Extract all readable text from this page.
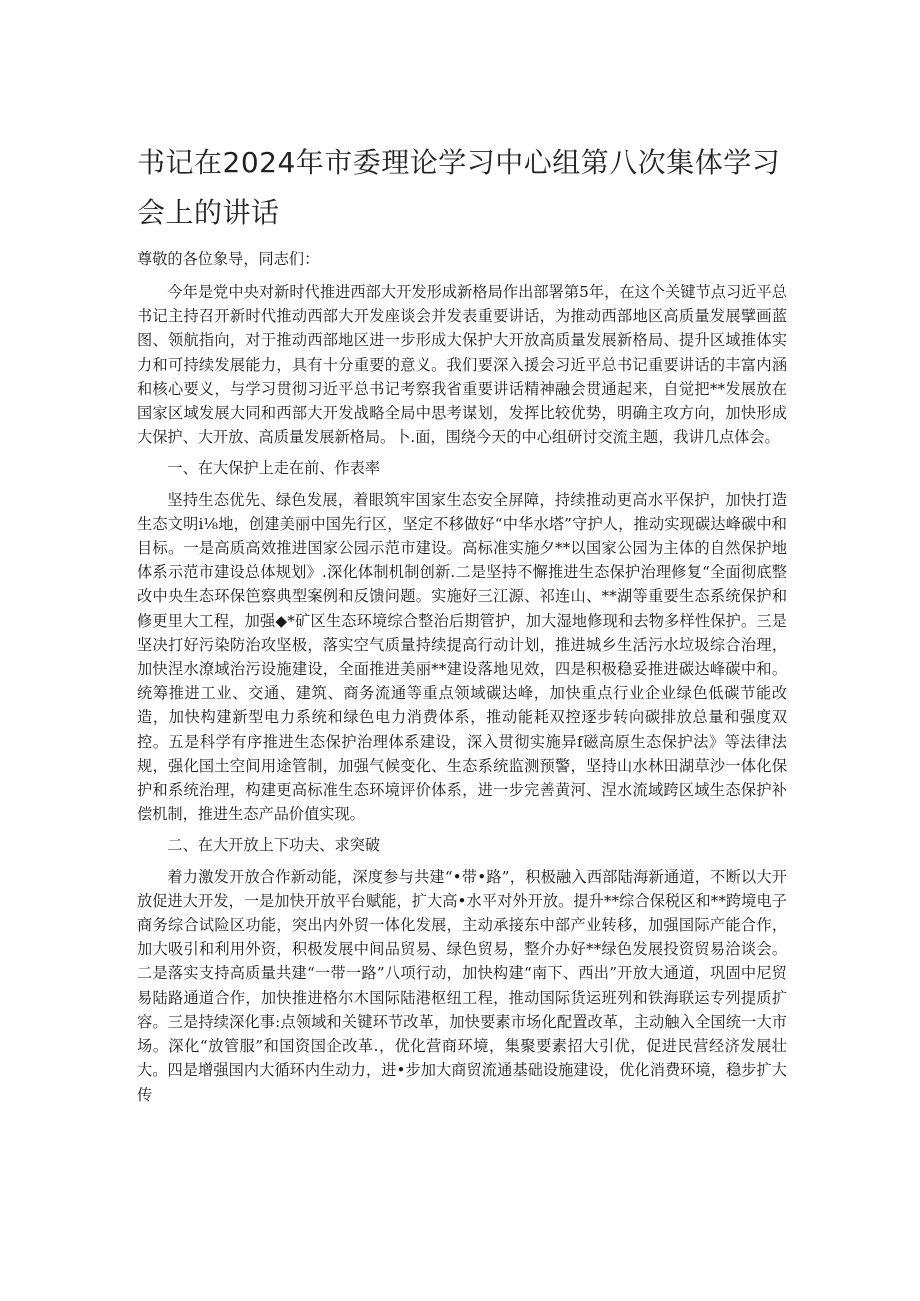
书记在2024年市委理论学习中心组第八次集体学习会上的讲话

尊敬的各位象导，同志们：

今年是党中央对新时代推进西部大开发形成新格局作出部署第5年，在这个关键节点习近平总书记主持召开新时代推动西部大开发座谈会并发表重要讲话，为推动西部地区高质量发展擘画蓝图、领航指向，对于推动西部地区进一步形成大保护大开放高质量发展新格局、提升区域推体实力和可持续发展能力，具有十分重要的意义。我们要深入援会习近平总书记重要讲话的丰富内涵和核心要义，与学习贯彻习近平总书记考察我省重要讲话精神融会贯通起来，自觉把**发展放在国家区域发展大同和西部大开发战略全局中思考谋划，发挥比较优势，明确主攻方向，加快形成大保护、大开放、高质量发展新格局。卜.面，围绕今天的中心组研讨交流主题，我讲几点体会。

一、在大保护上走在前、作表率

坚持生态优先、绿色发展，着眼筑牢国家生态安全屏障，持续推动更高水平保护，加快打造生态文明i⅛地，创建美丽中国先行区，坚定不移做好“中华水塔”守护人，推动实现碳达峰碳中和目标。一是高质高效推进国家公园示范市建设。高标准实施夕**以国家公园为主体的自然保护地体系示范市建设总体规划》.深化体制机制创新.二是坚持不懈推进生态保护治理修复“全面彻底整改中央生态环保笆察典型案例和反馈问题。实施好三江源、祁连山、**湖等重要生态系统保护和修更里大工程，加强◆*矿区生态环境综合整治后期管护，加大湿地修现和去物多样性保护。三是坚决打好污染防治攻坚极，落实空气质量持续提高行动计划，推进城乡生活污水垃圾综合治理，加快涅水潦域治污设施建设，全面推进美丽**建设落地见效，四是积极稳妥推进碳达峰碳中和。统筹推进工业、交通、建筑、商务流通等重点领域碳达峰，加快重点行业企业绿色低碳节能改造，加快构建新型电力系统和绿色电力消费体系，推动能耗双控逐步转向碳排放总量和强度双控。五是科学有序推进生态保护治理体系建设，深入贯彻实施异f磁高原生态保护法》等法律法规，强化国土空间用途管制，加强气候变化、生态系统监测预警，坚持山水林田湖草沙一体化保护和系统治理，构建更高标准生态环境评价体系，进一步完善黄河、涅水流域跨区域生态保护补偿机制，推进生态产品价值实现。

二、在大开放上下功夫、求突破

着力激发开放合作新动能，深度参与共建“•带•路”，积极融入西部陆海新通道，不断以大开放促进大开发，一是加快开放平台赋能，扩大高•水平对外开放。提升**综合保税区和**跨境电子商务综合试险区功能，突出内外贸一体化发展，主动承接东中部产业转移，加强国际产能合作，加大吸引和利用外资，积极发展中间品贸易、绿色贸易，整介办好**绿色发展投资贸易洽谈会。二是落实支持高质量共建“一带一路”八项行动，加快构建“南下、西出”开放大通道，巩固中尼贸易陆路通道合作，加快推进格尔木国际陆港枢纽工程，推动国际货运班列和铁海联运专列提质扩容。三是持续深化事:点领域和关键环节改革，加快要素市场化配置改革，主动触入全国统一大市场。深化“放管服”和国资国企改革.，优化营商环境，集聚要素招大引优，促进民营经济发展壮大。四是增强国内大循环内生动力，进•步加大商贸流通基础设施建设，优化消费环境，稳步扩大传
